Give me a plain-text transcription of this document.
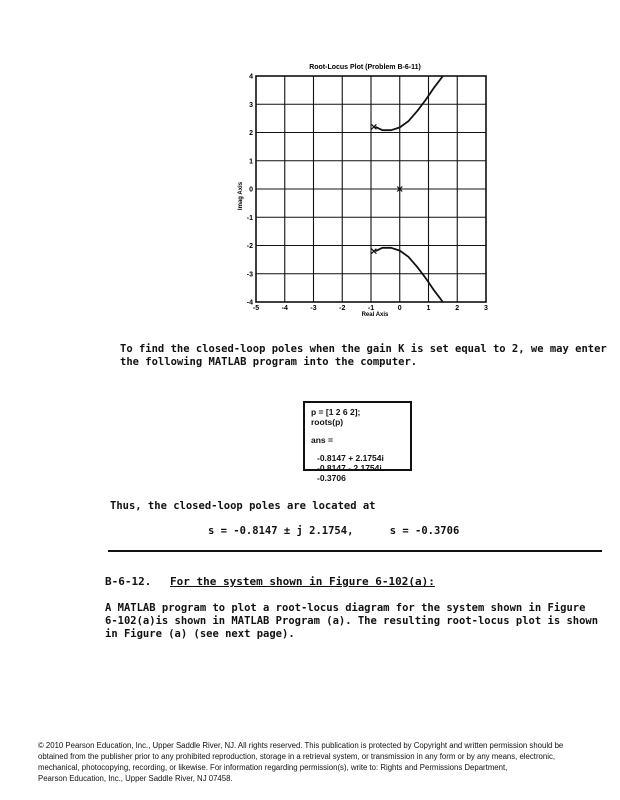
Root-Locus Plot (Problem B-6-11)
-5	-4	-3	-2	-1	0	1	2	3
4
3
2
1
0
-1
-2
-3
-4
Real Axis
Imag Axis
To find the closed-loop poles when the gain K is set equal to 2, we may enter
the following MATLAB program into the computer.
p = [1 2 6 2];
roots(p)
ans =
-0.8147 + 2.1754i
-0.8147 - 2.1754i
-0.3706
Thus, the closed-loop poles are located at
s = -0.8147 ± j 2.1754,	s = -0.3706
B-6-12. For the system shown in Figure 6-102(a):
A MATLAB program to plot a root-locus diagram for the system shown in Figure
6-102(a)is shown in MATLAB Program (a). The resulting root-locus plot is shown
in Figure (a) (see next page).
© 2010 Pearson Education, Inc., Upper Saddle River, NJ. All rights reserved. This publication is protected by Copyright and written permission should be
obtained from the publisher prior to any prohibited reproduction, storage in a retrieval system, or transmission in any form or by any means, electronic,
mechanical, photocopying, recording, or likewise. For information regarding permission(s), write to: Rights and Permissions Department,
Pearson Education, Inc., Upper Saddle River, NJ 07458.
